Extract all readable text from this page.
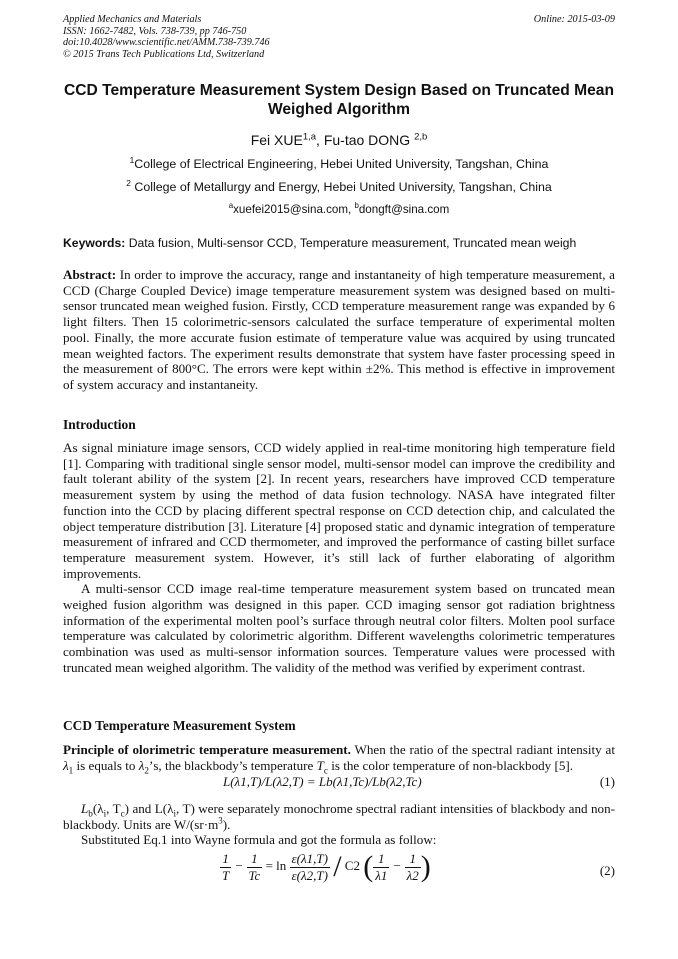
Applied Mechanics and Materials
ISSN: 1662-7482, Vols. 738-739, pp 746-750
doi:10.4028/www.scientific.net/AMM.738-739.746
© 2015 Trans Tech Publications Ltd, Switzerland
Online: 2015-03-09
CCD Temperature Measurement System Design Based on Truncated Mean Weighed Algorithm
Fei XUE$^{1,a}$, Fu-tao DONG $^{2,b}$
$^1$College of Electrical Engineering, Hebei United University, Tangshan, China
$^2$ College of Metallurgy and Energy, Hebei United University, Tangshan, China
$^a$xuefei2015@sina.com, $^b$dongft@sina.com
Keywords: Data fusion, Multi-sensor CCD, Temperature measurement, Truncated mean weigh

Abstract: In order to improve the accuracy, range and instantaneity of high temperature measurement, a CCD (Charge Coupled Device) image temperature measurement system was designed based on multi-sensor truncated mean weighed fusion. Firstly, CCD temperature measurement range was expanded by 6 light filters. Then 15 colorimetric-sensors calculated the surface temperature of experimental molten pool. Finally, the more accurate fusion estimate of temperature value was acquired by using truncated mean weighted factors. The experiment results demonstrate that system have faster processing speed in the measurement of 800°C. The errors were kept within ±2%. This method is effective in improvement of system accuracy and instantaneity.

Introduction

As signal miniature image sensors, CCD widely applied in real-time monitoring high temperature field [1]. Comparing with traditional single sensor model, multi-sensor model can improve the credibility and fault tolerant ability of the system [2]. In recent years, researchers have improved CCD temperature measurement system by using the method of data fusion technology. NASA have integrated filter function into the CCD by placing different spectral response on CCD detection chip, and calculated the object temperature distribution [3]. Literature [4] proposed static and dynamic integration of temperature measurement of infrared and CCD thermometer, and improved the performance of casting billet surface temperature measurement system. However, it’s still lack of further elaborating of algorithm improvements.

A multi-sensor CCD image real-time temperature measurement system based on truncated mean weighed fusion algorithm was designed in this paper. CCD imaging sensor got radiation brightness information of the experimental molten pool’s surface through neutral color filters. Molten pool surface temperature was calculated by colorimetric algorithm. Different wavelengths colorimetric temperatures combination was used as multi-sensor information sources. Temperature values were processed with truncated mean weighed algorithm. The validity of the method was verified by experiment contrast.

CCD Temperature Measurement System

Principle of olorimetric temperature measurement. When the ratio of the spectral radiant intensity at $\lambda_1$ is equals to $\lambda_2’s$, the blackbody’s temperature $T_c$ is the color temperature of non-blackbody [5].

L(λ1,T)/L(λ2,T) = Lb(λ1,Tc)/Lb(λ2,Tc)	(1)

$L_b(\lambda_i$, $T_c$) and $L(\lambda_i$, T) were separately monochrome spectral radiant intensities of blackbody and non-blackbody. Units are $W/(sr\cdot m^3)$.

Substituted Eq.1 into Wayne formula and got the formula as follow:

$\frac{1}{T} - \frac{1}{Tc} = \ln \frac{\varepsilon(\lambda 1,T)}{\varepsilon(\lambda 2,T)} / C2$ ( $\frac{1}{\lambda 1} - \frac{1}{\lambda 2}$ )	(2)
